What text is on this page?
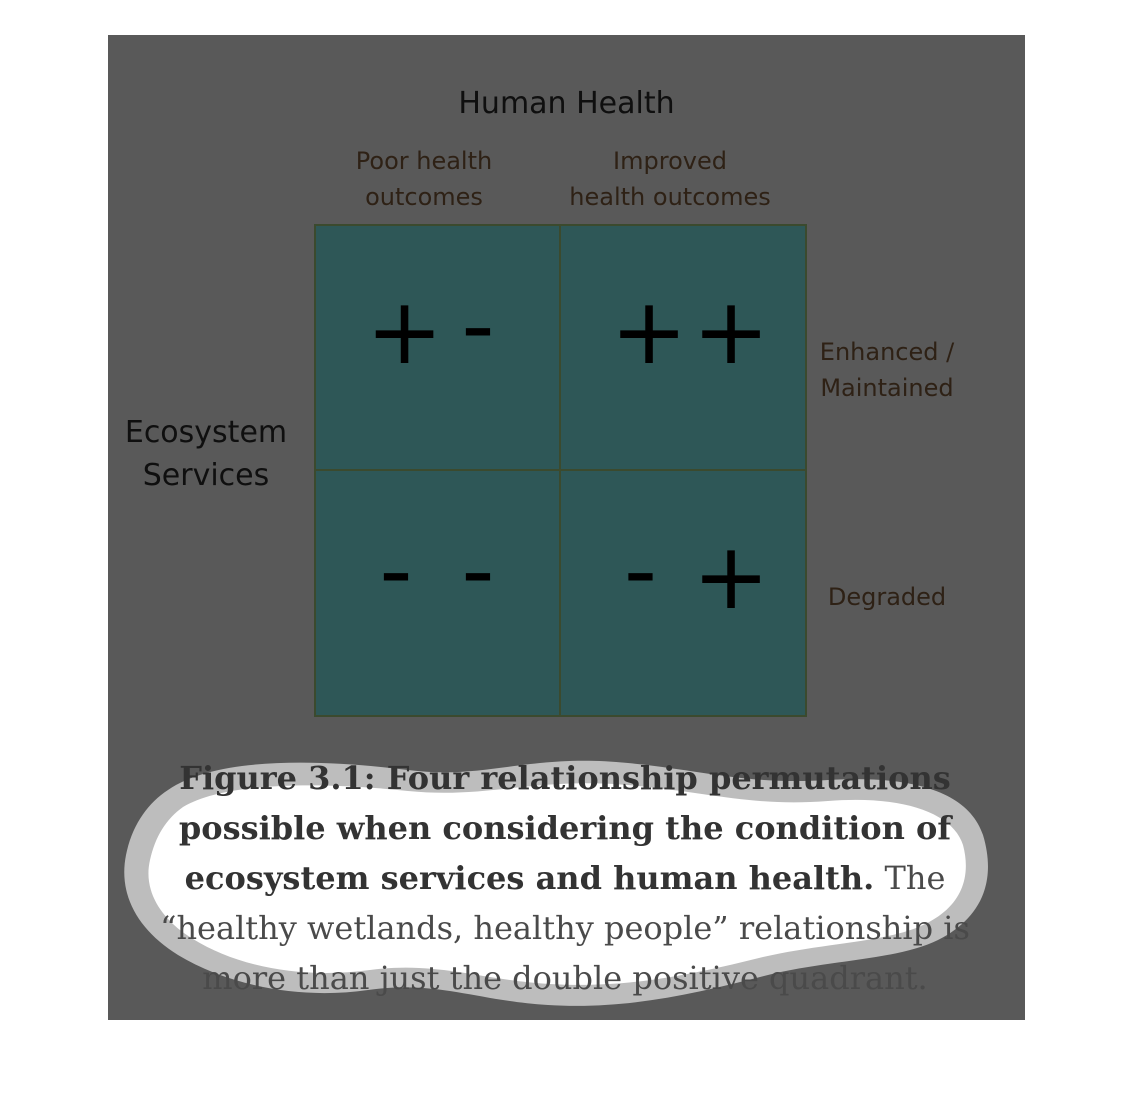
Human Health
Poor health
outcomes
Improved
health outcomes
Ecosystem
Services
Enhanced /
Maintained
Degraded
+ - + +
- - - +

Figure 3.1: Four relationship permutations possible when considering the condition of ecosystem services and human health. The “healthy wetlands, healthy people” relationship is more than just the double positive quadrant.
